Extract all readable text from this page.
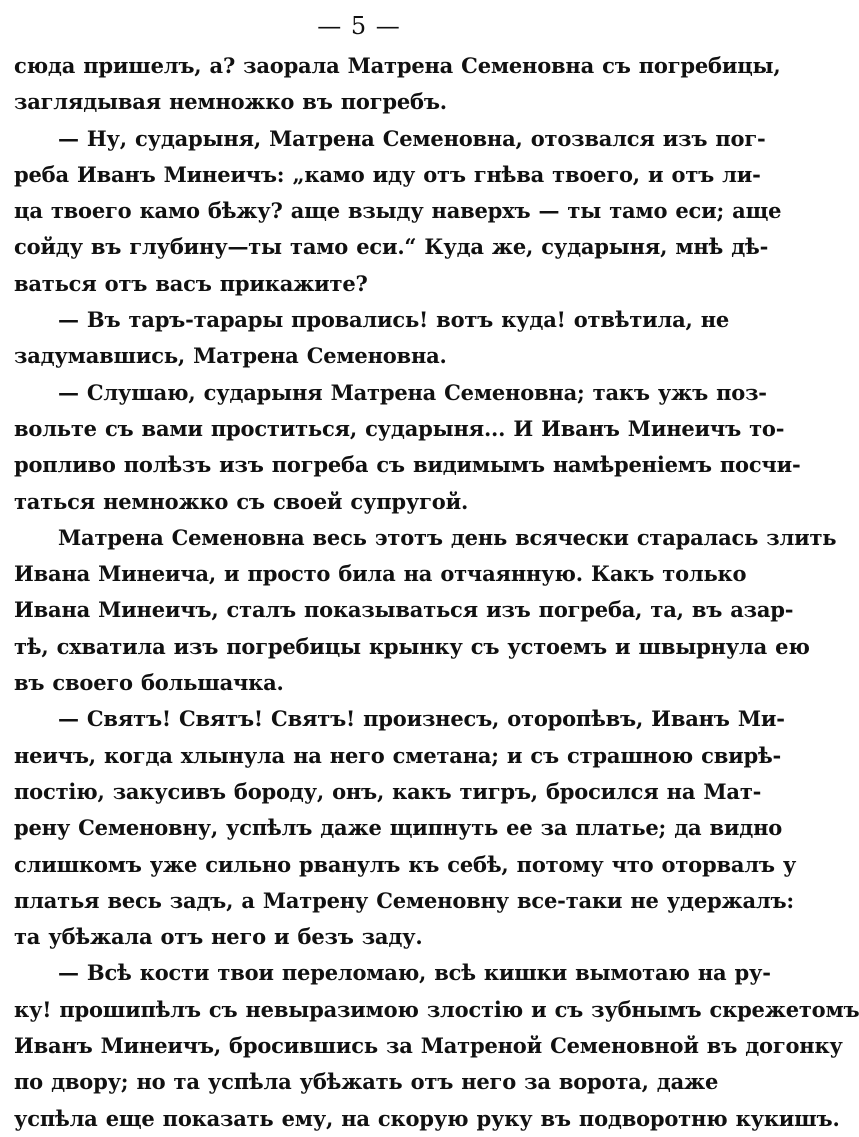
— 5 —
сюда пришелъ, а? заорала Матрена Семеновна съ погребицы,
заглядывая немножко въ погребъ.
— Ну, сударыня, Матрена Семеновна, отозвался изъ пог-
реба Иванъ Минеичъ: „камо иду отъ гнѣва твоего, и отъ ли-
ца твоего камо бѣжу? аще взыду наверхъ — ты тамо еси; аще
сойду въ глубину—ты тамо еси.“ Куда же, сударыня, мнѣ дѣ-
ваться отъ васъ прикажите?
— Въ таръ-тарары провались! вотъ куда! отвѣтила, не
задумавшись, Матрена Семеновна.
— Слушаю, сударыня Матрена Семеновна; такъ ужъ поз-
вольте съ вами проститься, сударыня... И Иванъ Минеичъ то-
ропливо полѣзъ изъ погреба съ видимымъ намѣреніемъ посчи-
таться немножко съ своей супругой.
Матрена Семеновна весь этотъ день всячески старалась злить
Ивана Минеича, и просто била на отчаянную. Какъ только
Ивана Минеичъ, сталъ показываться изъ погреба, та, въ азар-
тѣ, схватила изъ погребицы крынку съ устоемъ и швырнула ею
въ своего большачка.
— Святъ! Святъ! Святъ! произнесъ, оторопѣвъ, Иванъ Ми-
неичъ, когда хлынула на него сметана; и съ страшною свирѣ-
постію, закусивъ бороду, онъ, какъ тигръ, бросился на Мат-
рену Семеновну, успѣлъ даже щипнуть ее за платье; да видно
слишкомъ уже сильно рванулъ къ себѣ, потому что оторвалъ у
платья весь задъ, а Матрену Семеновну все-таки не удержалъ:
та убѣжала отъ него и безъ заду.
— Всѣ кости твои переломаю, всѣ кишки вымотаю на ру-
ку! прошипѣлъ съ невыразимою злостію и съ зубнымъ скрежетомъ
Иванъ Минеичъ, бросившись за Матреной Семеновной въ догонку
по двору; но та успѣла убѣжать отъ него за ворота, даже
успѣла еще показать ему, на скорую руку въ подворотню кукишъ.
